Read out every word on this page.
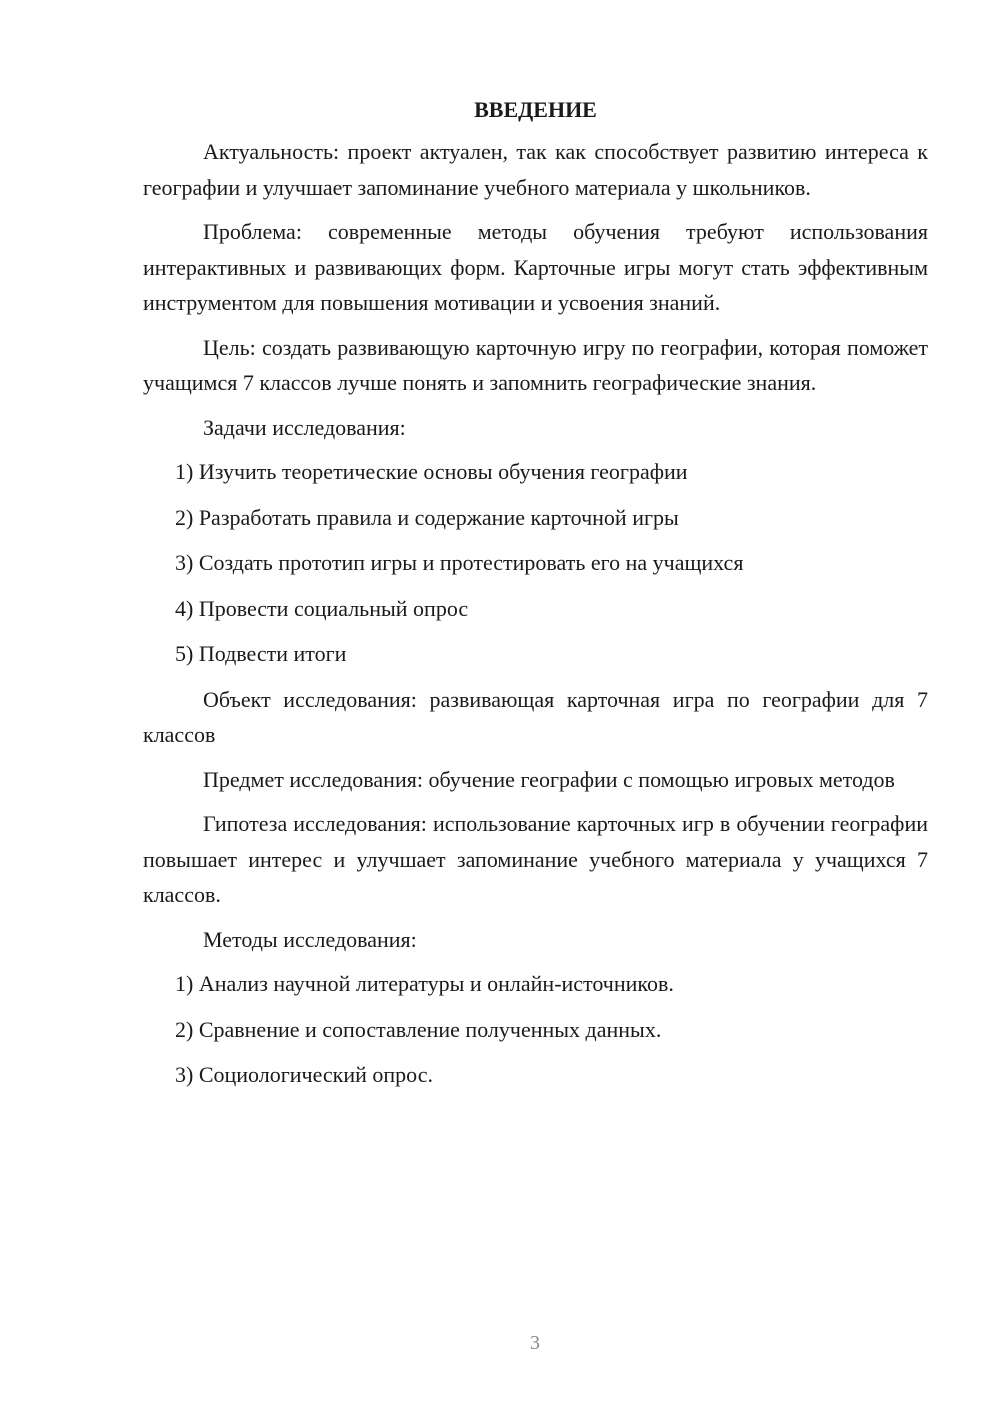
ВВЕДЕНИЕ

Актуальность: проект актуален, так как способствует развитию интереса к географии и улучшает запоминание учебного материала у школьников.

Проблема: современные методы обучения требуют использования интерактивных и развивающих форм. Карточные игры могут стать эффективным инструментом для повышения мотивации и усвоения знаний.

Цель: создать развивающую карточную игру по географии, которая поможет учащимся 7 классов лучше понять и запомнить географические знания.

Задачи исследования:

1) Изучить теоретические основы обучения географии

2) Разработать правила и содержание карточной игры

3) Создать прототип игры и протестировать его на учащихся

4) Провести социальный опрос

5) Подвести итоги

Объект исследования: развивающая карточная игра по географии для 7 классов

Предмет исследования: обучение географии с помощью игровых методов

Гипотеза исследования: использование карточных игр в обучении географии повышает интерес и улучшает запоминание учебного материала у учащихся 7 классов.

Методы исследования:

1) Анализ научной литературы и онлайн-источников.

2) Сравнение и сопоставление полученных данных.

3) Социологический опрос.

3
